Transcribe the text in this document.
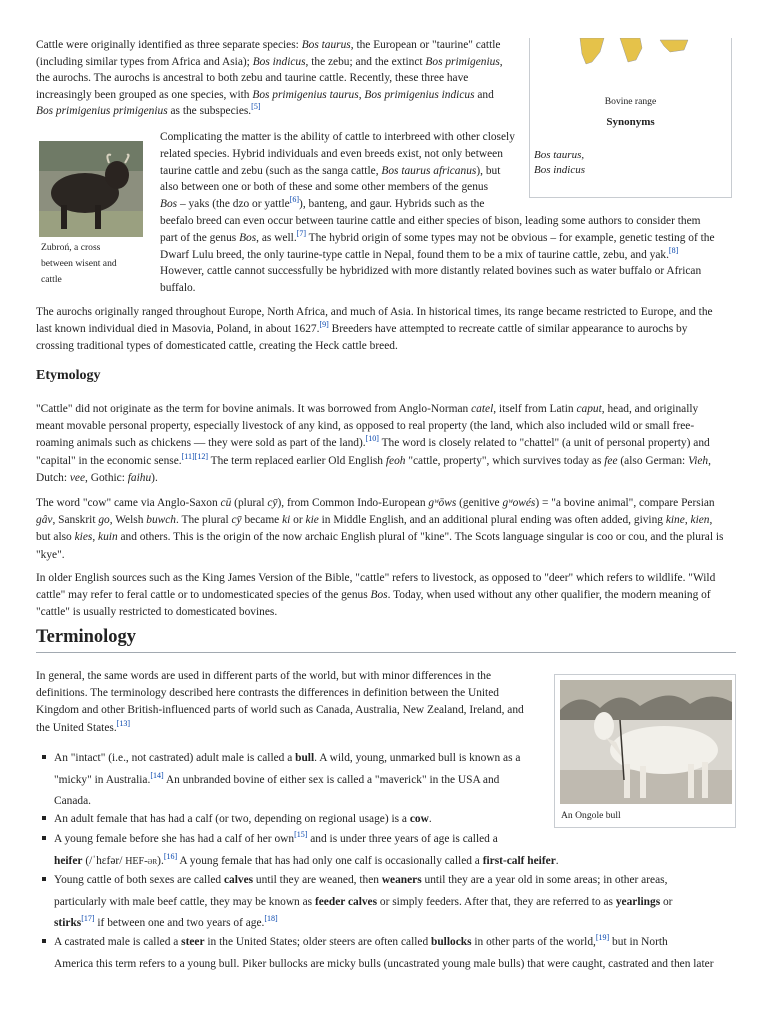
Bovine range
Synonyms
Bos taurus,
Bos indicus
Cattle were originally identified as three separate species: Bos taurus, the European or "taurine" cattle
(including similar types from Africa and Asia); Bos indicus, the zebu; and the extinct Bos primigenius,
the aurochs. The aurochs is ancestral to both zebu and taurine cattle. Recently, these three have
increasingly been grouped as one species, with Bos primigenius taurus, Bos primigenius indicus and
Bos primigenius primigenius as the subspecies.[5]
Zubroń, a cross
between wisent and
cattle
Complicating the matter is the ability of cattle to interbreed with other closely
related species. Hybrid individuals and even breeds exist, not only between
taurine cattle and zebu (such as the sanga cattle, Bos taurus africanus), but
also between one or both of these and some other members of the genus
Bos – yaks (the dzo or yattle[6]), banteng, and gaur. Hybrids such as the
beefalo breed can even occur between taurine cattle and either species of bison, leading some authors to consider them
part of the genus Bos, as well.[7] The hybrid origin of some types may not be obvious – for example, genetic testing of the
Dwarf Lulu breed, the only taurine-type cattle in Nepal, found them to be a mix of taurine cattle, zebu, and yak.[8]
However, cattle cannot successfully be hybridized with more distantly related bovines such as water buffalo or African
buffalo.
The aurochs originally ranged throughout Europe, North Africa, and much of Asia. In historical times, its range became restricted to Europe, and the
last known individual died in Masovia, Poland, in about 1627.[9] Breeders have attempted to recreate cattle of similar appearance to aurochs by
crossing traditional types of domesticated cattle, creating the Heck cattle breed.
Etymology
"Cattle" did not originate as the term for bovine animals. It was borrowed from Anglo-Norman catel, itself from Latin caput, head, and originally
meant movable personal property, especially livestock of any kind, as opposed to real property (the land, which also included wild or small free-
roaming animals such as chickens — they were sold as part of the land).[10] The word is closely related to "chattel" (a unit of personal property) and
"capital" in the economic sense.[11][12] The term replaced earlier Old English feoh "cattle, property", which survives today as fee (also German: Vieh,
Dutch: vee, Gothic: faihu).
The word "cow" came via Anglo-Saxon cū (plural cȳ), from Common Indo-European gʷōws (genitive gʷowés) = "a bovine animal", compare Persian
gâv, Sanskrit go, Welsh buwch. The plural cȳ became ki or kie in Middle English, and an additional plural ending was often added, giving kine, kien,
but also kies, kuin and others. This is the origin of the now archaic English plural of "kine". The Scots language singular is coo or cou, and the plural is
"kye".
In older English sources such as the King James Version of the Bible, "cattle" refers to livestock, as opposed to "deer" which refers to wildlife. "Wild
cattle" may refer to feral cattle or to undomesticated species of the genus Bos. Today, when used without any other qualifier, the modern meaning of
"cattle" is usually restricted to domesticated bovines.
Terminology
In general, the same words are used in different parts of the world, but with minor differences in the
definitions. The terminology described here contrasts the differences in definition between the United
Kingdom and other British-influenced parts of world such as Canada, Australia, New Zealand, Ireland, and
the United States.[13]
An Ongole bull
An "intact" (i.e., not castrated) adult male is called a bull. A wild, young, unmarked bull is known as a
"micky" in Australia.[14] An unbranded bovine of either sex is called a "maverick" in the USA and
Canada.
An adult female that has had a calf (or two, depending on regional usage) is a cow.
A young female before she has had a calf of her own[15] and is under three years of age is called a
heifer (/ˈhɛfər/ HEF-ər).[16] A young female that has had only one calf is occasionally called a first-calf heifer.
Young cattle of both sexes are called calves until they are weaned, then weaners until they are a year old in some areas; in other areas,
particularly with male beef cattle, they may be known as feeder calves or simply feeders. After that, they are referred to as yearlings or
stirks[17] if between one and two years of age.[18]
A castrated male is called a steer in the United States; older steers are often called bullocks in other parts of the world,[19] but in North
America this term refers to a young bull. Piker bullocks are micky bulls (uncastrated young male bulls) that were caught, castrated and then later
